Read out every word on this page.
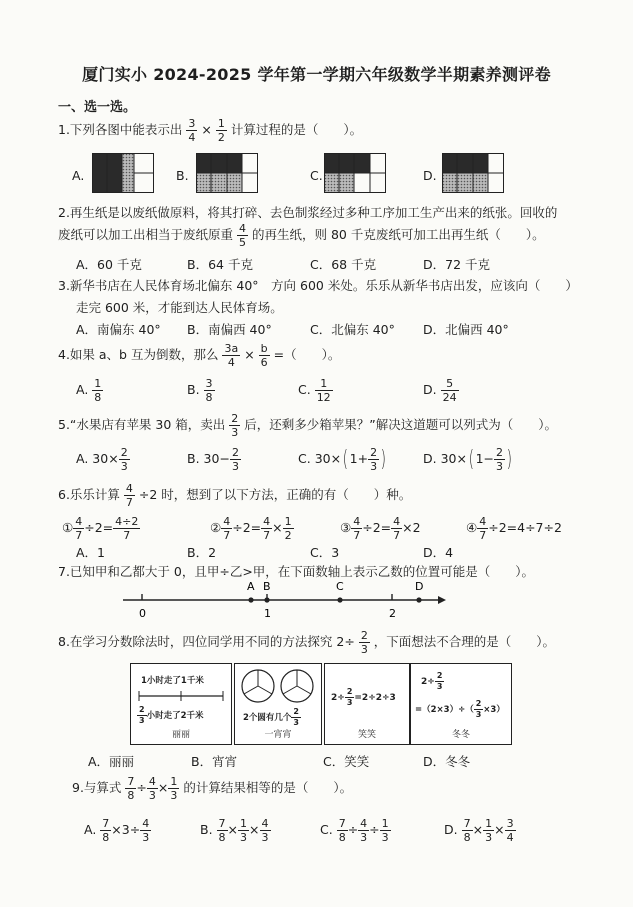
厦门实小 2024-2025 学年第一学期六年级数学半期素养测评卷
一、选一选。
1.下列各图中能表示出 $\frac{3}{4} \times \frac{1}{2}$ 计算过程的是（　　）。
A.	B.	C.	D.
2.再生纸是以废纸做原料，将其打碎、去色制浆经过多种工序加工生产出来的纸张。回收的
废纸可以加工出相当于废纸原重 $\frac{4}{5}$ 的再生纸，则 80 千克废纸可加工出再生纸（　　）。
A．60 千克	B．64 千克	C．68 千克	D．72 千克
3.新华书店在人民体育场北偏东 40°　方向 600 米处。乐乐从新华书店出发，应该向（　　）
走完 600 米，才能到达人民体育场。
A．南偏东 40° B．南偏西 40°	C．北偏东 40° D．北偏西 40°
4.如果 a、b 互为倒数，那么 $\frac{3a}{4} \times \frac{b}{6}$ =（　　）。
A. $\frac{1}{8}$	B. $\frac{3}{8}$	C. $\frac{1}{12}$	D. $\frac{5}{24}$
5.“水果店有苹果 30 箱，卖出 $\frac{2}{3}$ 后，还剩多少箱苹果？”解决这道题可以列式为（　　）。
A. $30\times \frac{2}{3}$	B. $30- \frac{2}{3}$	C. 30×( $1+ \frac{2}{3}$ )	D. 30×( $1- \frac{2}{3}$ )
6.乐乐计算 $\frac{4}{7} \div 2$ 时，想到了以下方法，正确的有（　　）种。
① $\frac{4}{7} \div 2= \frac{4\div 2}{7}$	② $\frac{4}{7} \div 2= \frac{4}{7} \times \frac{1}{2}$	③ $\frac{4}{7} \div 2= \frac{4}{7} \times 2$	④ $\frac{4}{7} \div 2=4\div 7\div 2$
A．1	B．2	C．3	D．4
7.已知甲和乙都大于 0，且甲÷乙>甲，在下面数轴上表示乙数的位置可能是（　　）。
A B	C	D
0	1	2
8.在学习分数除法时，四位同学用不同的方法探究 $2\div \frac{2}{3}$ ，下面想法不合理的是（　　）。
1小时走了1千米
$\frac{2}{3}$ 小时走了2千米
丽丽
2个圆有几个 $\frac{2}{3}$
一宵宵
$2\div \frac{2}{3} =2\div 2\div 3$
笑笑
$2\div \frac{2}{3}$
$=(2\times 3)\div( \frac{2}{3} \times 3)$
冬冬
A．丽丽	B．宵宵	C．笑笑	D．冬冬
9.与算式 $\frac{7}{8} \div \frac{4}{3} \times \frac{1}{3}$ 的计算结果相等的是（　　）。
A. $\frac{7}{8} \times 3\div \frac{4}{3}$	B. $\frac{7}{8} \times \frac{1}{3} \times \frac{4}{3}$	C. $\frac{7}{8} \div \frac{4}{3} \div \frac{1}{3}$	D. $\frac{7}{8} \times \frac{1}{3} \times \frac{3}{4}$
